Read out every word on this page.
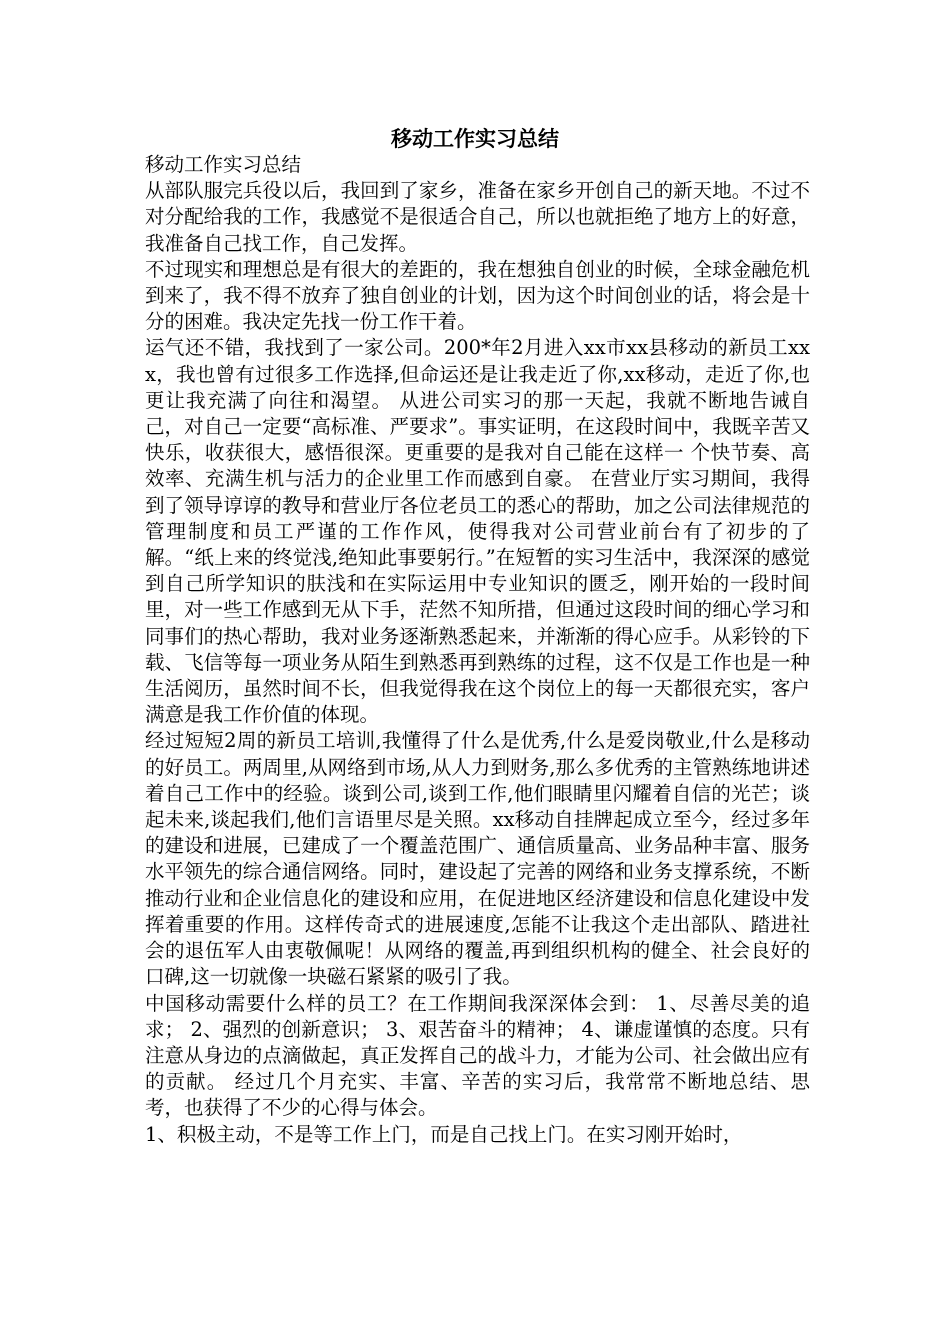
移动工作实习总结

移动工作实习总结

从部队服完兵役以后，我回到了家乡，准备在家乡开创自己的新天地。不过不对分配给我的工作，我感觉不是很适合自己，所以也就拒绝了地方上的好意，我准备自己找工作，自己发挥。

不过现实和理想总是有很大的差距的，我在想独自创业的时候，全球金融危机到来了，我不得不放弃了独自创业的计划，因为这个时间创业的话，将会是十分的困难。我决定先找一份工作干着。

运气还不错，我找到了一家公司。200*年2月进入xx市xx县移动的新员工xxx，我也曾有过很多工作选择,但命运还是让我走近了你,xx移动，走近了你,也更让我充满了向往和渴望。 从进公司实习的那一天起，我就不断地告诫自己，对自己一定要“高标准、严要求”。事实证明，在这段时间中，我既辛苦又快乐，收获很大，感悟很深。更重要的是我对自己能在这样一 个快节奏、高效率、充满生机与活力的企业里工作而感到自豪。 在营业厅实习期间，我得到了领导谆谆的教导和营业厅各位老员工的悉心的帮助，加之公司法律规范的管理制度和员工严谨的工作作风，使得我对公司营业前台有了初步的了解。“纸上来的终觉浅,绝知此事要躬行。”在短暂的实习生活中，我深深的感觉到自己所学知识的肤浅和在实际运用中专业知识的匮乏，刚开始的一段时间里，对一些工作感到无从下手，茫然不知所措，但通过这段时间的细心学习和同事们的热心帮助，我对业务逐渐熟悉起来，并渐渐的得心应手。从彩铃的下载、飞信等每一项业务从陌生到熟悉再到熟练的过程，这不仅是工作也是一种生活阅历，虽然时间不长，但我觉得我在这个岗位上的每一天都很充实，客户满意是我工作价值的体现。

经过短短2周的新员工培训,我懂得了什么是优秀,什么是爱岗敬业,什么是移动的好员工。两周里,从网络到市场,从人力到财务,那么多优秀的主管熟练地讲述着自己工作中的经验。谈到公司,谈到工作,他们眼睛里闪耀着自信的光芒；谈起未来,谈起我们,他们言语里尽是关照。xx移动自挂牌起成立至今，经过多年的建设和进展，已建成了一个覆盖范围广、通信质量高、业务品种丰富、服务水平领先的综合通信网络。同时，建设起了完善的网络和业务支撑系统，不断推动行业和企业信息化的建设和应用，在促进地区经济建设和信息化建设中发挥着重要的作用。这样传奇式的进展速度,怎能不让我这个走出部队、踏进社会的退伍军人由衷敬佩呢！从网络的覆盖,再到组织机构的健全、社会良好的口碑,这一切就像一块磁石紧紧的吸引了我。

中国移动需要什么样的员工？在工作期间我深深体会到： 1、尽善尽美的追求； 2、强烈的创新意识； 3、艰苦奋斗的精神； 4、谦虚谨慎的态度。只有注意从身边的点滴做起，真正发挥自己的战斗力，才能为公司、社会做出应有的贡献。 经过几个月充实、丰富、辛苦的实习后，我常常不断地总结、思考，也获得了不少的心得与体会。

1、积极主动，不是等工作上门，而是自己找上门。在实习刚开始时，
